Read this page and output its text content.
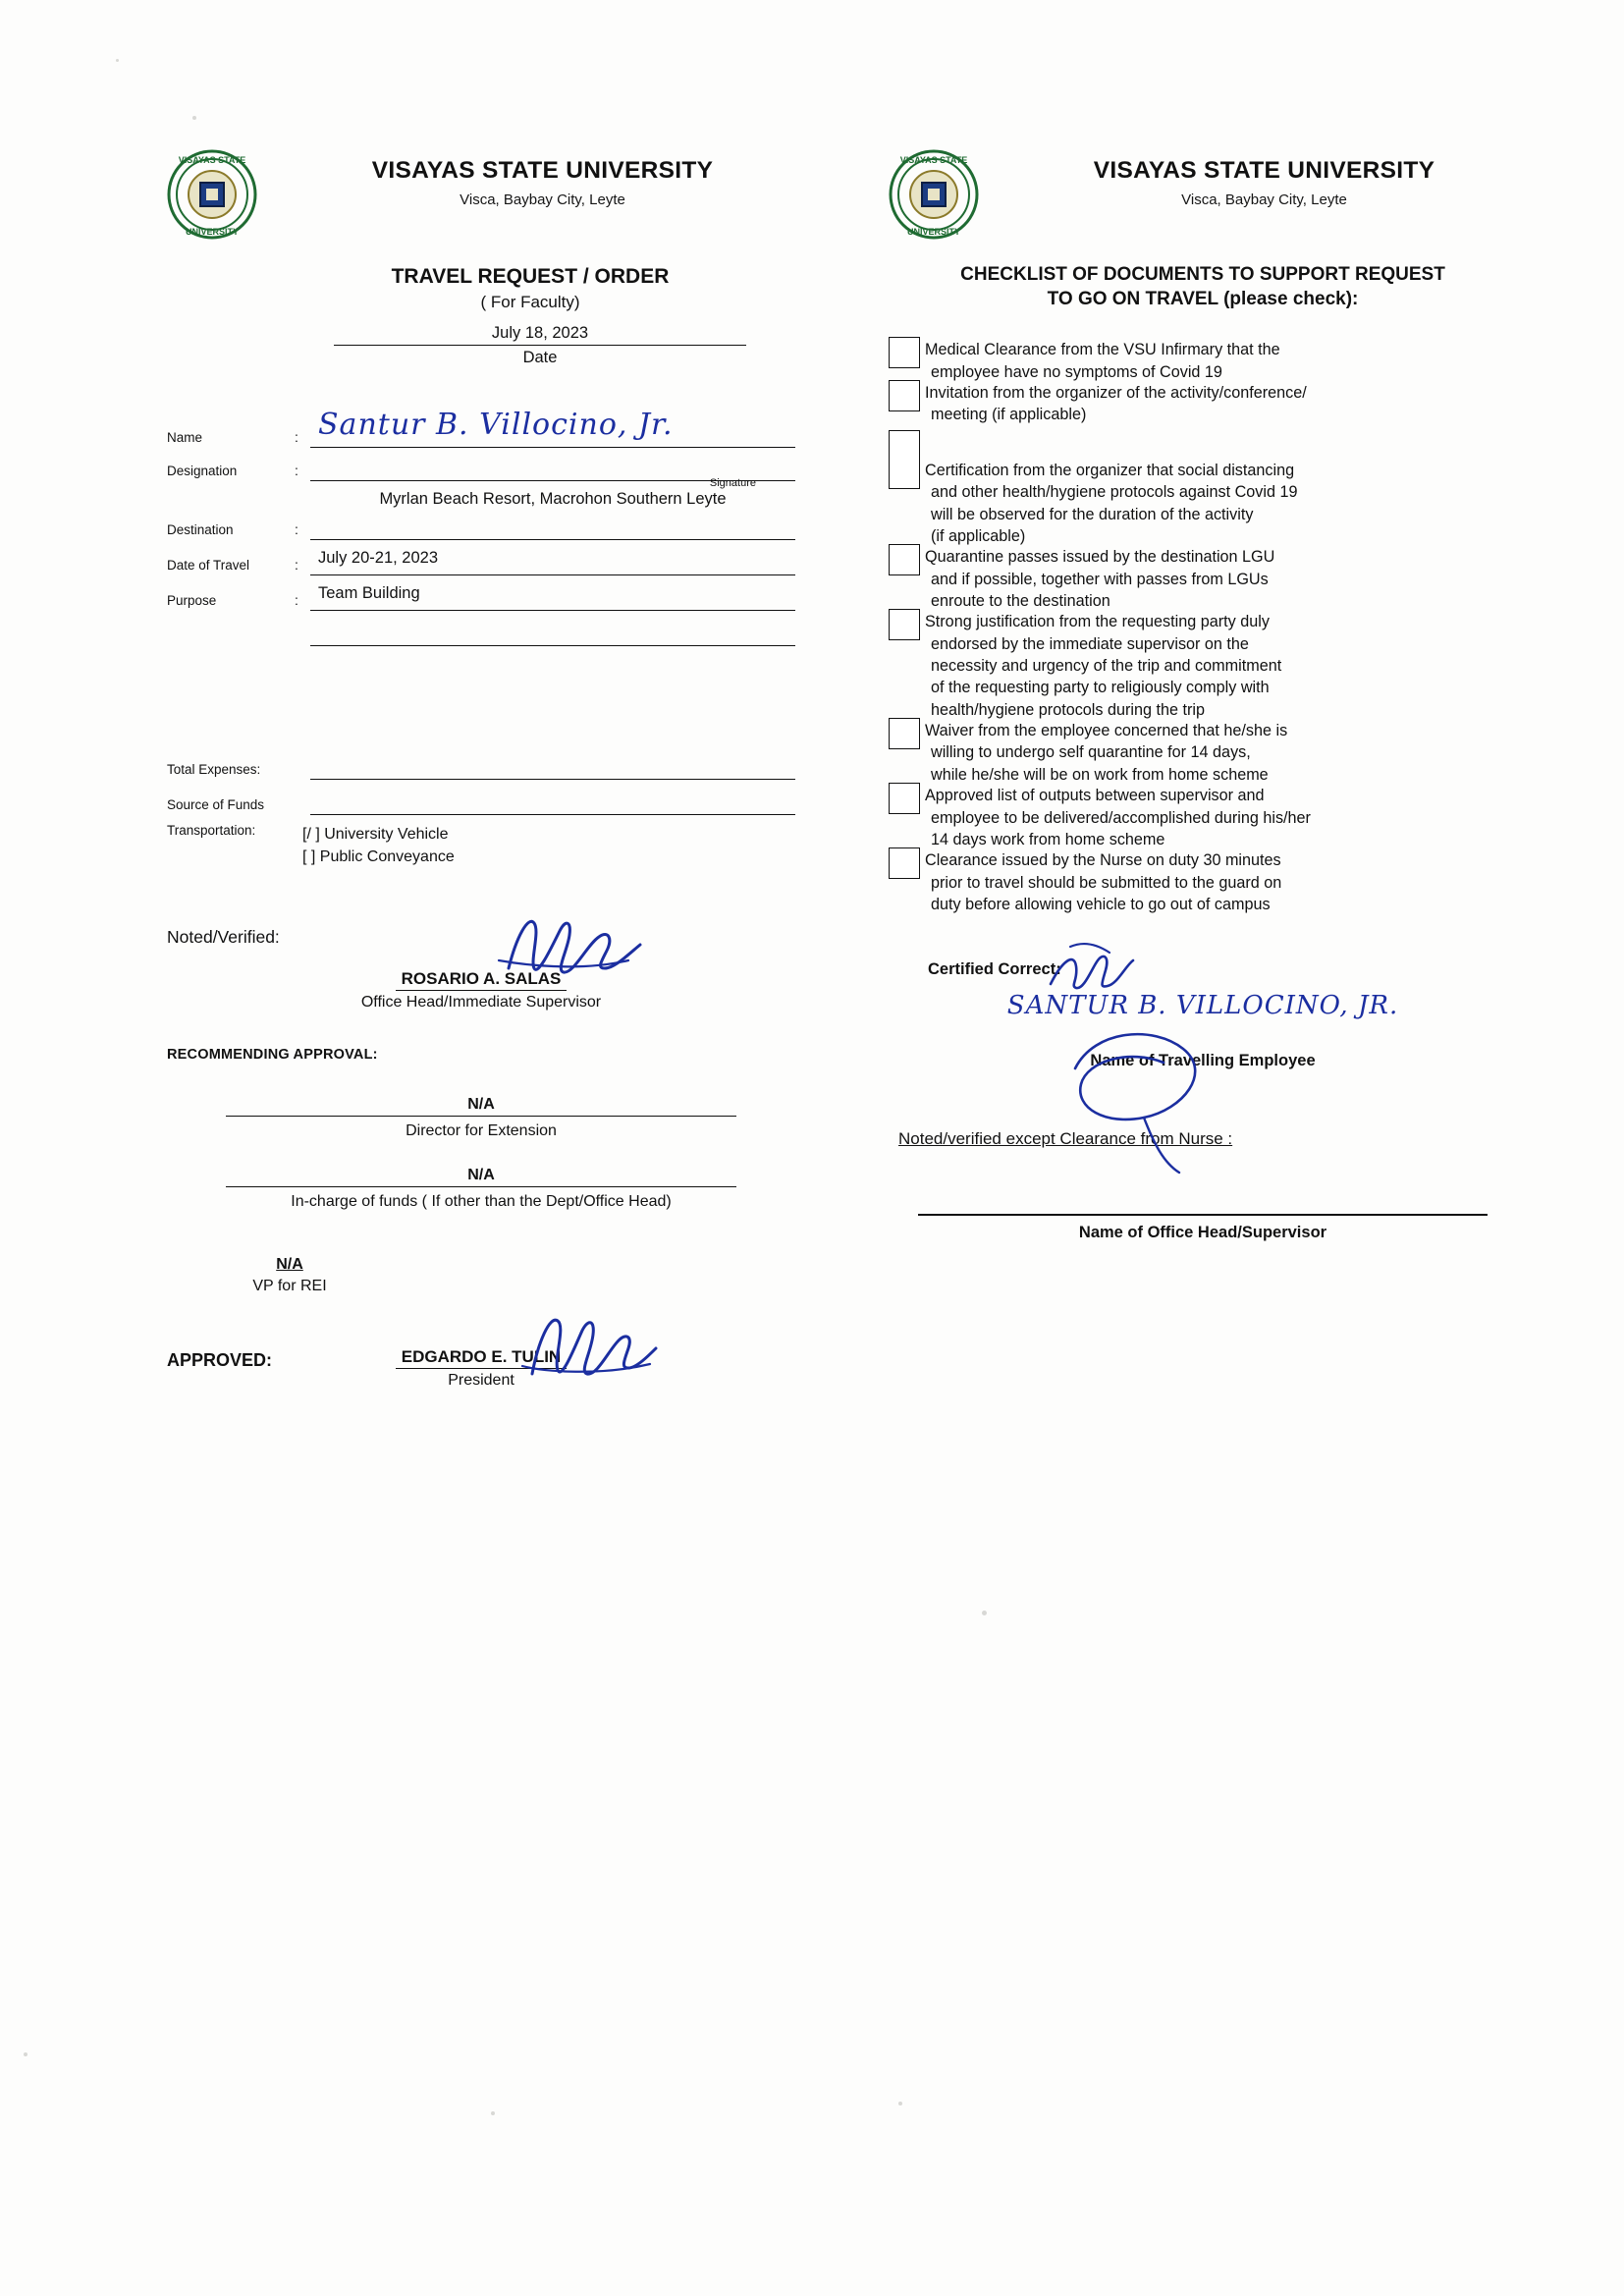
VISAYAS STATE
UNIVERSITY
VISAYAS STATE UNIVERSITY
Visca, Baybay City, Leyte
TRAVEL REQUEST / ORDER
( For Faculty)
July 18, 2023
Date
Name	: Santur B. Villocino, Jr.
Designation	:
Signature
Destination	:
Myrlan Beach Resort, Macrohon Southern Leyte
Date of Travel	:	July 20-21, 2023
Purpose	:	Team Building
Total Expenses:
Source of Funds
Transportation:	[/ ] University Vehicle
[ ] Public Conveyance
Noted/Verified:
ROSARIO A. SALAS
Office Head/Immediate Supervisor
RECOMMENDING APPROVAL:
N/A
Director for Extension
N/A
In-charge of funds ( If other than the Dept/Office Head)
N/A
VP for REI
APPROVED:	EDGARDO E. TULIN
President
VISAYAS STATE
UNIVERSITY
VISAYAS STATE UNIVERSITY
Visca, Baybay City, Leyte
CHECKLIST OF DOCUMENTS TO SUPPORT REQUEST
TO GO ON TRAVEL (please check):
Medical Clearance from the VSU Infirmary that the

employee have no symptoms of Covid 19
Invitation from the organizer of the activity/conference/

meeting (if applicable)
Certification from the organizer that social distancing

and other health/hygiene protocols against Covid 19
will be observed for the duration of the activity
(if applicable)
Quarantine passes issued by the destination LGU

and if possible, together with passes from LGUs
enroute to the destination
Strong justification from the requesting party duly

endorsed by the immediate supervisor on the
necessity and urgency of the trip and commitment
of the requesting party to religiously comply with
health/hygiene protocols during the trip
Waiver from the employee concerned that he/she is

willing to undergo self quarantine for 14 days,
while he/she will be on work from home scheme
Approved list of outputs between supervisor and

employee to be delivered/accomplished during his/her
14 days work from home scheme
Clearance issued by the Nurse on duty 30 minutes

prior to travel should be submitted to the guard on
duty before allowing vehicle to go out of campus
Certified Correct:
SANTUR B. VILLOCINO, JR.
Name of Travelling Employee
Noted/verified except Clearance from Nurse :
Name of Office Head/Supervisor
